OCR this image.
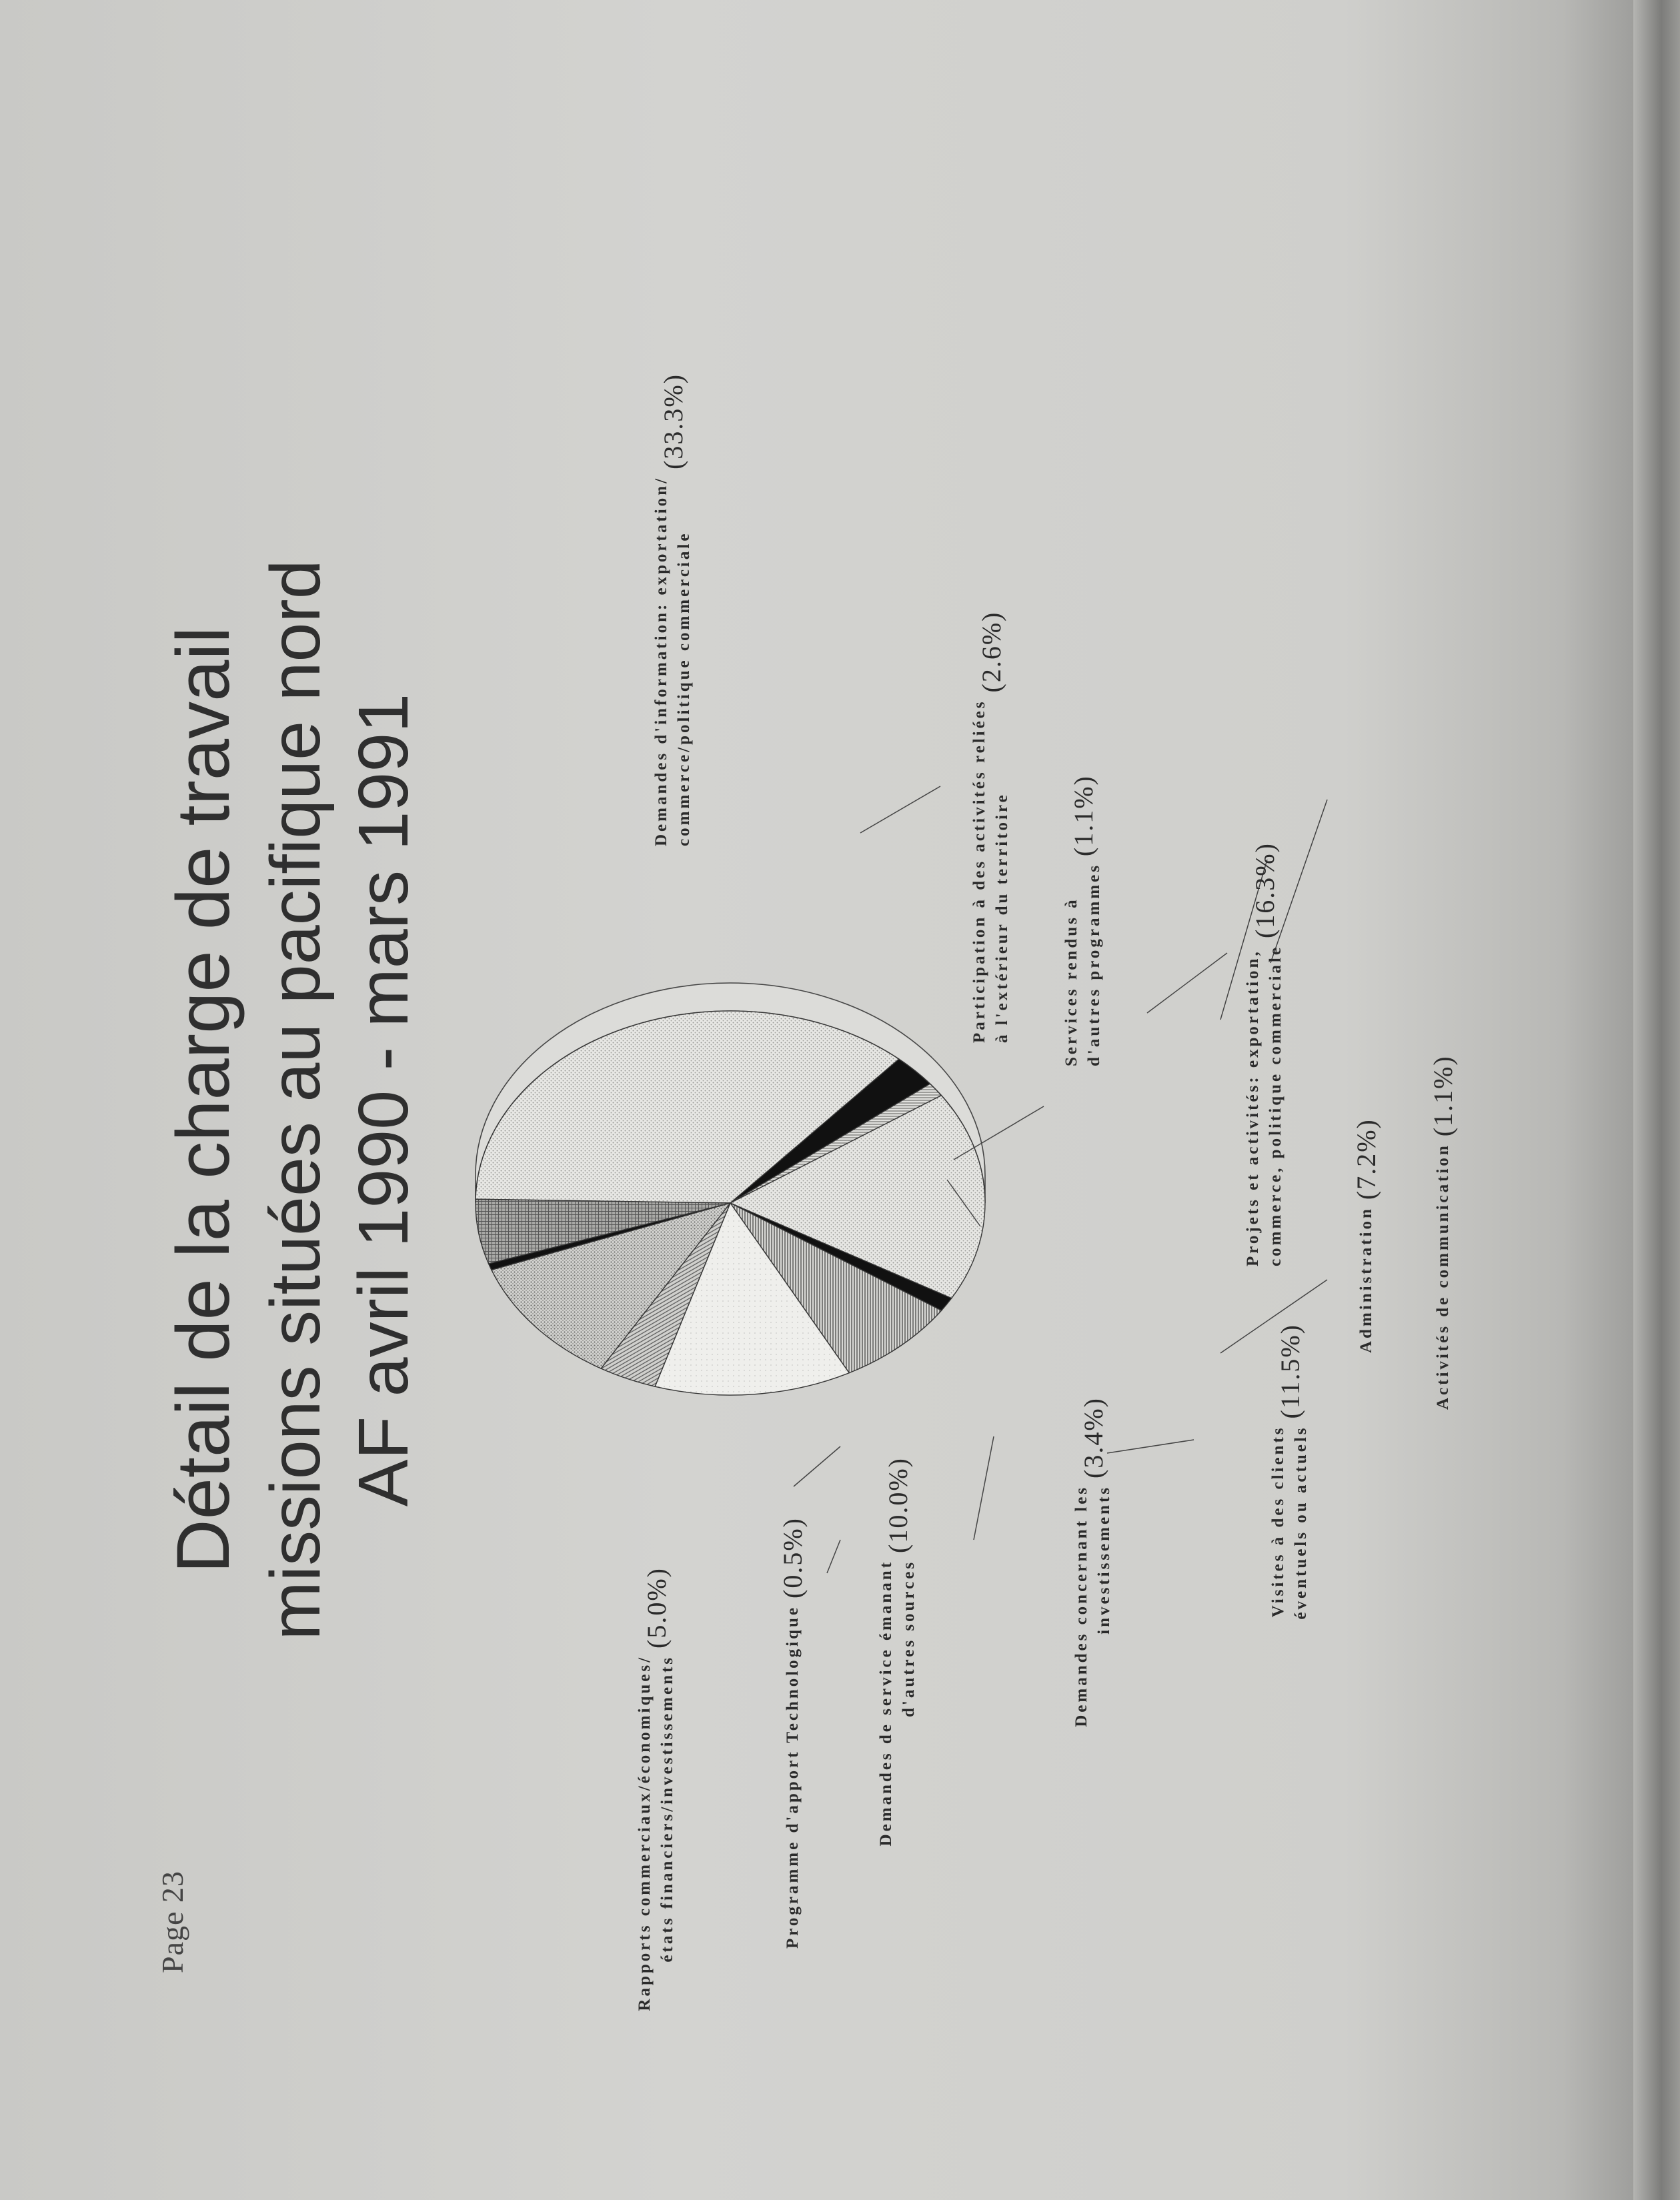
Page 23
Détail de la charge de travail missions situées au pacifique nord AF avril 1990 - mars 1991
Rapports commerciaux/économiques/ états financiers/investissements(5.0%)	Programme d'apport Technologique(0.5%)
Demandes de service émanant d'autres sources(10.0%)	Demandes concernant les investissements(3.4%)	Visites à des clients éventuels ou actuels(11.5%)
Administration(7.2%)	Activités de communication(1.1%)
Projets et activités: exportation, commerce, politique commerciale(16.3%)
Services rendus à d'autres programmes(1.1%)
Participation à des activités reliées à l'extérieur du territoire(2.6%)
Demandes d'information: exportation/ commerce/politique commerciale(33.3%)
